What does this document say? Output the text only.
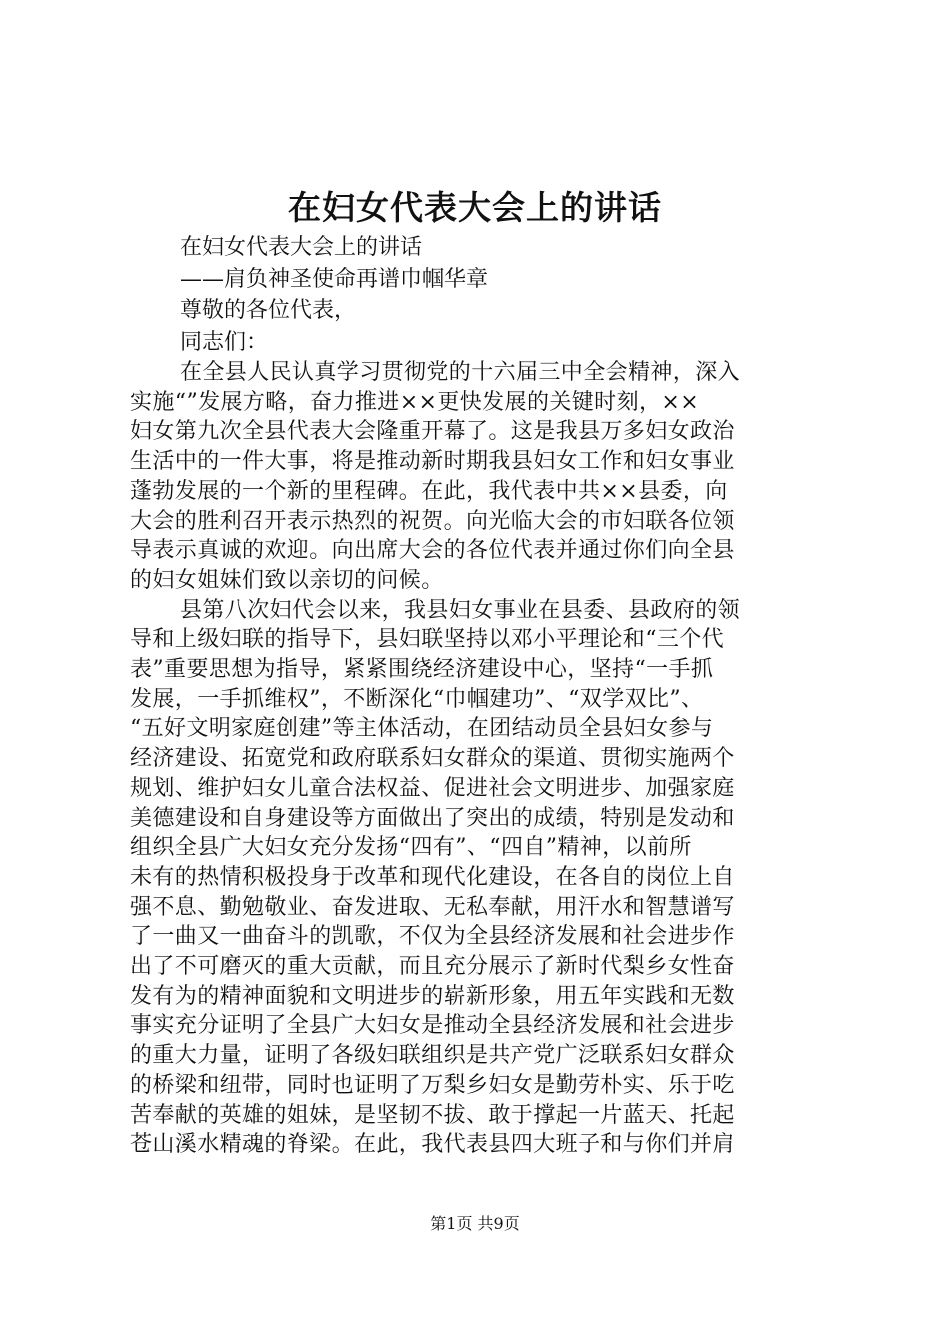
在妇女代表大会上的讲话
在妇女代表大会上的讲话
——肩负神圣使命再谱巾帼华章
尊敬的各位代表，
同志们：
在全县人民认真学习贯彻党的十六届三中全会精神，深入
实施“”发展方略，奋力推进××更快发展的关键时刻，××
妇女第九次全县代表大会隆重开幕了。这是我县万多妇女政治
生活中的一件大事，将是推动新时期我县妇女工作和妇女事业
蓬勃发展的一个新的里程碑。在此，我代表中共××县委，向
大会的胜利召开表示热烈的祝贺。向光临大会的市妇联各位领
导表示真诚的欢迎。向出席大会的各位代表并通过你们向全县
的妇女姐妹们致以亲切的问候。
县第八次妇代会以来，我县妇女事业在县委、县政府的领
导和上级妇联的指导下，县妇联坚持以邓小平理论和“三个代
表”重要思想为指导，紧紧围绕经济建设中心，坚持“一手抓
发展，一手抓维权”，不断深化“巾帼建功”、“双学双比”、
“五好文明家庭创建”等主体活动，在团结动员全县妇女参与
经济建设、拓宽党和政府联系妇女群众的渠道、贯彻实施两个
规划、维护妇女儿童合法权益、促进社会文明进步、加强家庭
美德建设和自身建设等方面做出了突出的成绩，特别是发动和
组织全县广大妇女充分发扬“四有”、“四自”精神，以前所
未有的热情积极投身于改革和现代化建设，在各自的岗位上自
强不息、勤勉敬业、奋发进取、无私奉献，用汗水和智慧谱写
了一曲又一曲奋斗的凯歌，不仅为全县经济发展和社会进步作
出了不可磨灭的重大贡献，而且充分展示了新时代梨乡女性奋
发有为的精神面貌和文明进步的崭新形象，用五年实践和无数
事实充分证明了全县广大妇女是推动全县经济发展和社会进步
的重大力量，证明了各级妇联组织是共产党广泛联系妇女群众
的桥梁和纽带，同时也证明了万梨乡妇女是勤劳朴实、乐于吃
苦奉献的英雄的姐妹，是坚韧不拔、敢于撑起一片蓝天、托起
苍山溪水精魂的脊梁。在此，我代表县四大班子和与你们并肩
第1页 共9页
